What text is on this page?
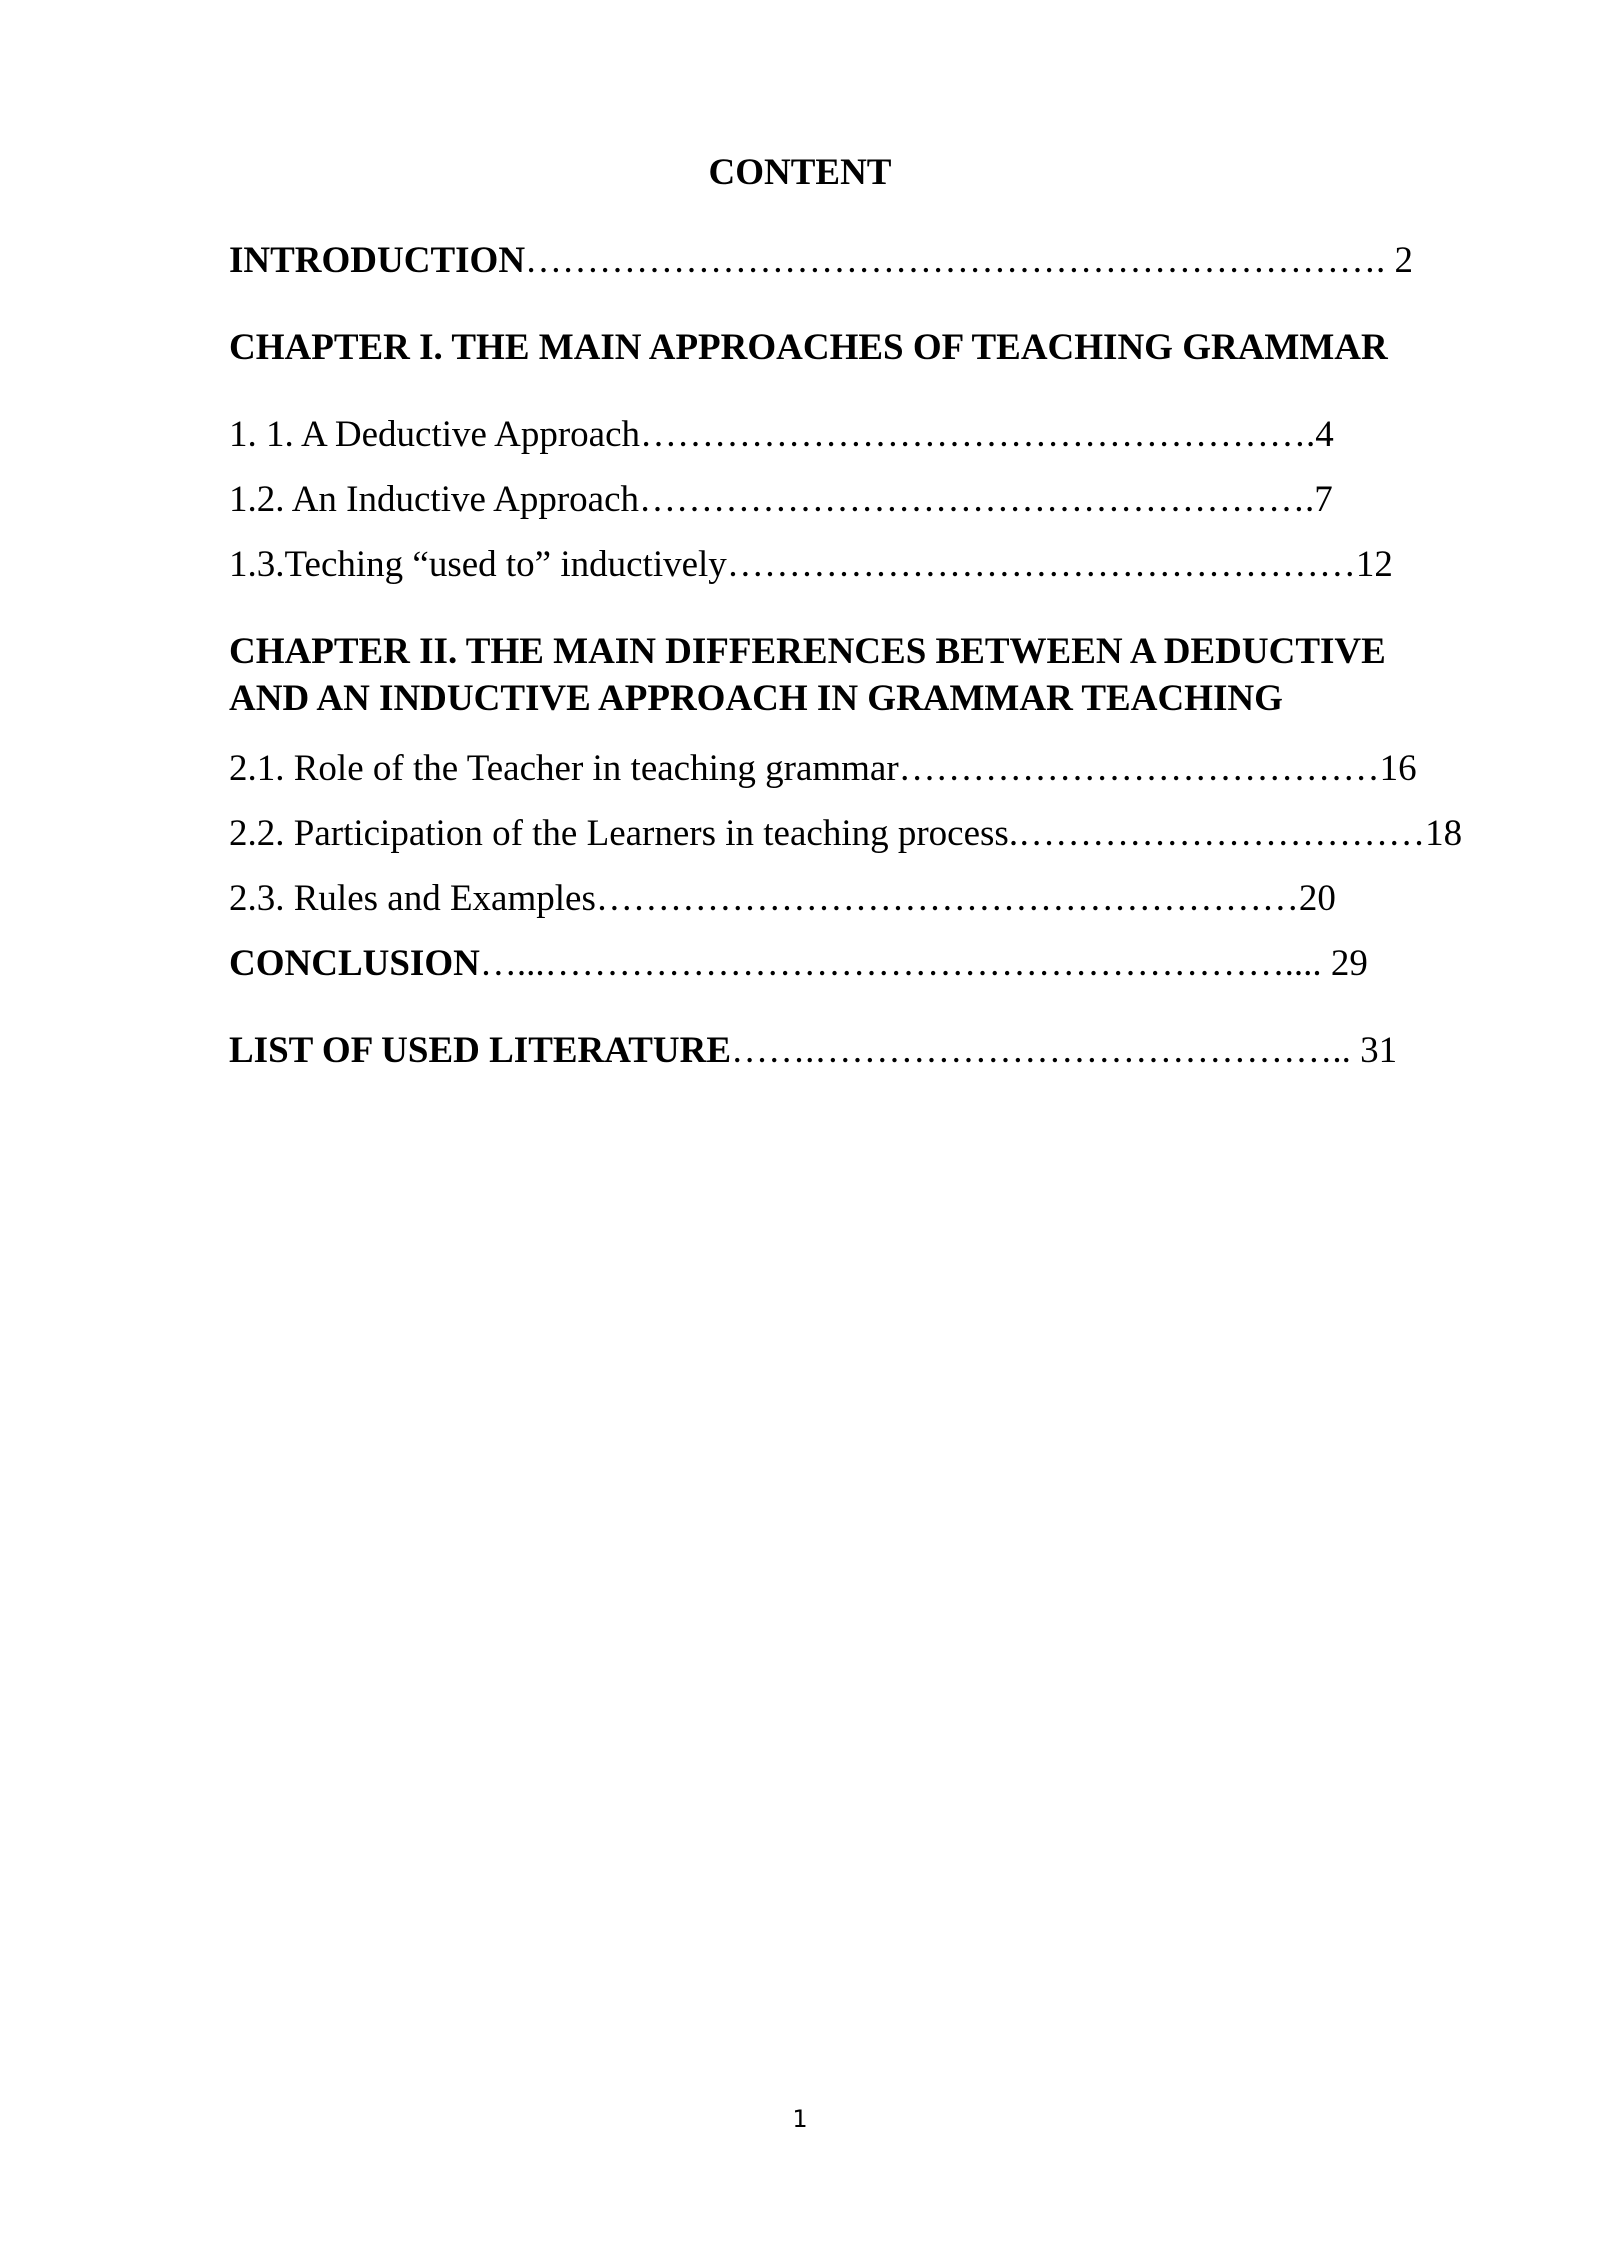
CONTENT
INTRODUCTION……………………………………………………………. 2
CHAPTER I. THE MAIN APPROACHES OF TEACHING GRAMMAR
1. 1. A Deductive Approach……………………………………………….4
1.2. An Inductive Approach……………………………………………….7
1.3.Teching “used to” inductively……………………………………………12
CHAPTER II. THE MAIN DIFFERENCES BETWEEN A DEDUCTIVE
AND AN INDUCTIVE APPROACH IN GRAMMAR TEACHING
2.1. Role of the Teacher in teaching grammar…………………………………16
2.2. Participation of the Learners in teaching process.……………………………18
2.3. Rules and Examples…………………………………………………20
CONCLUSION…...…………………………………………………….... 29
LIST OF USED LITERATURE…….…………………………………….. 31
1
